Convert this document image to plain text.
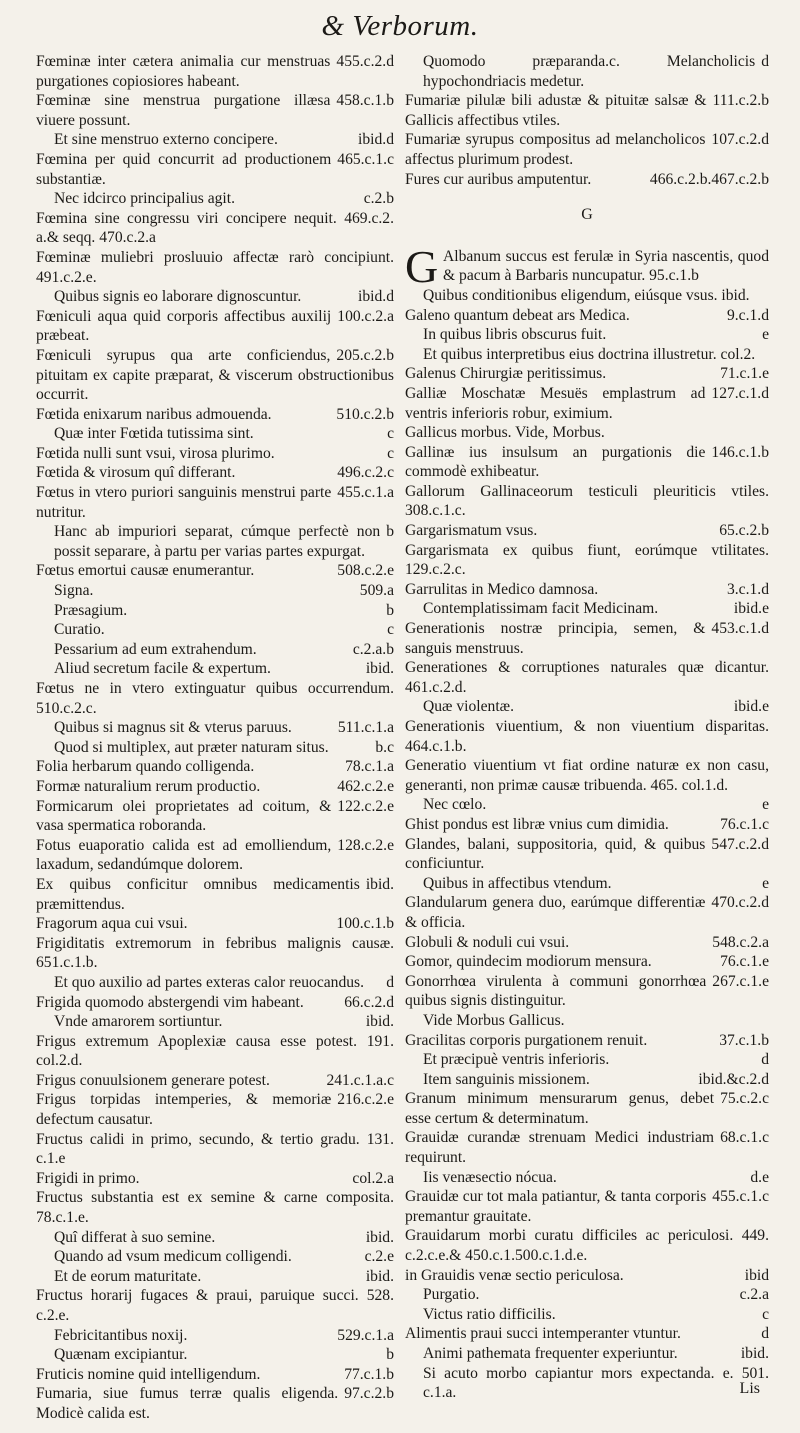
& Verborum.
455.c.2.d
Fœminæ inter cætera animalia cur menstruas purgationes copiosiores habeant.
458.c.1.b
Fœminæ sine menstrua purgatione illæsa viuere possunt.
ibid.d
Et sine menstruo externo concipere.
465.c.1.c
Fœmina per quid concurrit ad productionem substantiæ.
c.2.b
Nec idcirco principalius agit.
Fœmina sine congressu viri concipere nequit. 469.c.2. a.& seqq. 470.c.2.a
Fœminæ muliebri prosluuio affectæ rarò concipiunt. 491.c.2.e.
ibid.d
Quibus signis eo laborare dignoscuntur.
100.c.2.a
Fœniculi aqua quid corporis affectibus auxilij præbeat.
205.c.2.b
Fœniculi syrupus qua arte conficiendus, pituitam ex capite præparat, & viscerum obstructionibus occurrit.
510.c.2.b
Fœtida enixarum naribus admouenda.
c
Quæ inter Fœtida tutissima sint.
c
Fœtida nulli sunt vsui, virosa plurimo.
496.c.2.c
Fœtida & virosum quî differant.
455.c.1.a
Fœtus in vtero puriori sanguinis menstrui parte nutritur.
b
Hanc ab impuriori separat, cúmque perfectè non possit separare, à partu per varias partes expurgat.
508.c.2.e
Fœtus emortui causæ enumerantur.
509.a
Signa.
b
Præsagium.
c
Curatio.
c.2.a.b
Pessarium ad eum extrahendum.
ibid.
Aliud secretum facile & expertum.
Fœtus ne in vtero extinguatur quibus occurrendum. 510.c.2.c.
511.c.1.a
Quibus si magnus sit & vterus paruus.
b.c
Quod si multiplex, aut præter naturam situs.
78.c.1.a
Folia herbarum quando colligenda.
462.c.2.e
Formæ naturalium rerum productio.
122.c.2.e
Formicarum olei proprietates ad coitum, & vasa spermatica roboranda.
128.c.2.e
Fotus euaporatio calida est ad emolliendum, laxadum, sedandúmque dolorem.
ibid.
Ex quibus conficitur omnibus medicamentis præmittendus.
100.c.1.b
Fragorum aqua cui vsui.
Frigiditatis extremorum in febribus malignis causæ. 651.c.1.b.
d
Et quo auxilio ad partes exteras calor reuocandus.
66.c.2.d
Frigida quomodo abstergendi vim habeant.
ibid.
Vnde amarorem sortiuntur.
Frigus extremum Apoplexiæ causa esse potest. 191. col.2.d.
241.c.1.a.c
Frigus conuulsionem generare potest.
216.c.2.e
Frigus torpidas intemperies, & memoriæ defectum causatur.
Fructus calidi in primo, secundo, & tertio gradu. 131. c.1.e
col.2.a
Frigidi in primo.
Fructus substantia est ex semine & carne composita. 78.c.1.e.
ibid.
Quî differat à suo semine.
c.2.e
Quando ad vsum medicum colligendi.
ibid.
Et de eorum maturitate.
Fructus horarij fugaces & praui, paruique succi. 528. c.2.e.
529.c.1.a
Febricitantibus noxij.
b
Quænam excipiantur.
77.c.1.b
Fruticis nomine quid intelligendum.
97.c.2.b
Fumaria, siue fumus terræ qualis eligenda. Modicè calida est.
d
Quomodo præparanda.c. Melancholicis hypochondriacis medetur.
111.c.2.b
Fumariæ pilulæ bili adustæ & pituitæ salsæ & Gallicis affectibus vtiles.
107.c.2.d
Fumariæ syrupus compositus ad melancholicos affectus plurimum prodest.
466.c.2.b.467.c.2.b
Fures cur auribus amputentur.
G
G Albanum succus est ferulæ in Syria nascentis, quod & pacum à Barbaris nuncupatur. 95.c.1.b
Quibus conditionibus eligendum, eiúsque vsus. ibid.
9.c.1.d
Galeno quantum debeat ars Medica.
e
In quibus libris obscurus fuit.
Et quibus interpretibus eius doctrina illustretur. col.2.
71.c.1.e
Galenus Chirurgiæ peritissimus.
127.c.1.d
Galliæ Moschatæ Mesuës emplastrum ad ventris inferioris robur, eximium.
Gallicus morbus. Vide, Morbus.
146.c.1.b
Gallinæ ius insulsum an purgationis die commodè exhibeatur.
Gallorum Gallinaceorum testiculi pleuriticis vtiles. 308.c.1.c.
65.c.2.b
Gargarismatum vsus.
Gargarismata ex quibus fiunt, eorúmque vtilitates. 129.c.2.c.
3.c.1.d
Garrulitas in Medico damnosa.
ibid.e
Contemplatissimam facit Medicinam.
453.c.1.d
Generationis nostræ principia, semen, & sanguis menstruus.
Generationes & corruptiones naturales quæ dicantur. 461.c.2.d.
ibid.e
Quæ violentæ.
Generationis viuentium, & non viuentium disparitas. 464.c.1.b.
Generatio viuentium vt fiat ordine naturæ ex non casu, generanti, non primæ causæ tribuenda. 465. col.1.d.
e
Nec cœlo.
76.c.1.c
Ghist pondus est libræ vnius cum dimidia.
547.c.2.d
Glandes, balani, suppositoria, quid, & quibus conficiuntur.
e
Quibus in affectibus vtendum.
470.c.2.d
Glandularum genera duo, earúmque differentiæ & officia.
548.c.2.a
Globuli & noduli cui vsui.
76.c.1.e
Gomor, quindecim modiorum mensura.
267.c.1.e
Gonorrhœa virulenta à communi gonorrhœa quibus signis distinguitur.
Vide Morbus Gallicus.
37.c.1.b
Gracilitas corporis purgationem renuit.
d
Et præcipuè ventris inferioris.
ibid.&c.2.d
Item sanguinis missionem.
75.c.2.c
Granum minimum mensurarum genus, debet esse certum & determinatum.
68.c.1.c
Grauidæ curandæ strenuam Medici industriam requirunt.
d.e
Iis venæsectio nócua.
455.c.1.c
Grauidæ cur tot mala patiantur, & tanta corporis premantur grauitate.
Grauidarum morbi curatu difficiles ac periculosi. 449. c.2.c.e.& 450.c.1.500.c.1.d.e.
ibid
in Grauidis venæ sectio periculosa.
c.2.a
Purgatio.
c
Victus ratio difficilis.
d
Alimentis praui succi intemperanter vtuntur.
ibid.
Animi pathemata frequenter experiuntur.
Si acuto morbo capiantur mors expectanda. e. 501. c.1.a.	Lis
